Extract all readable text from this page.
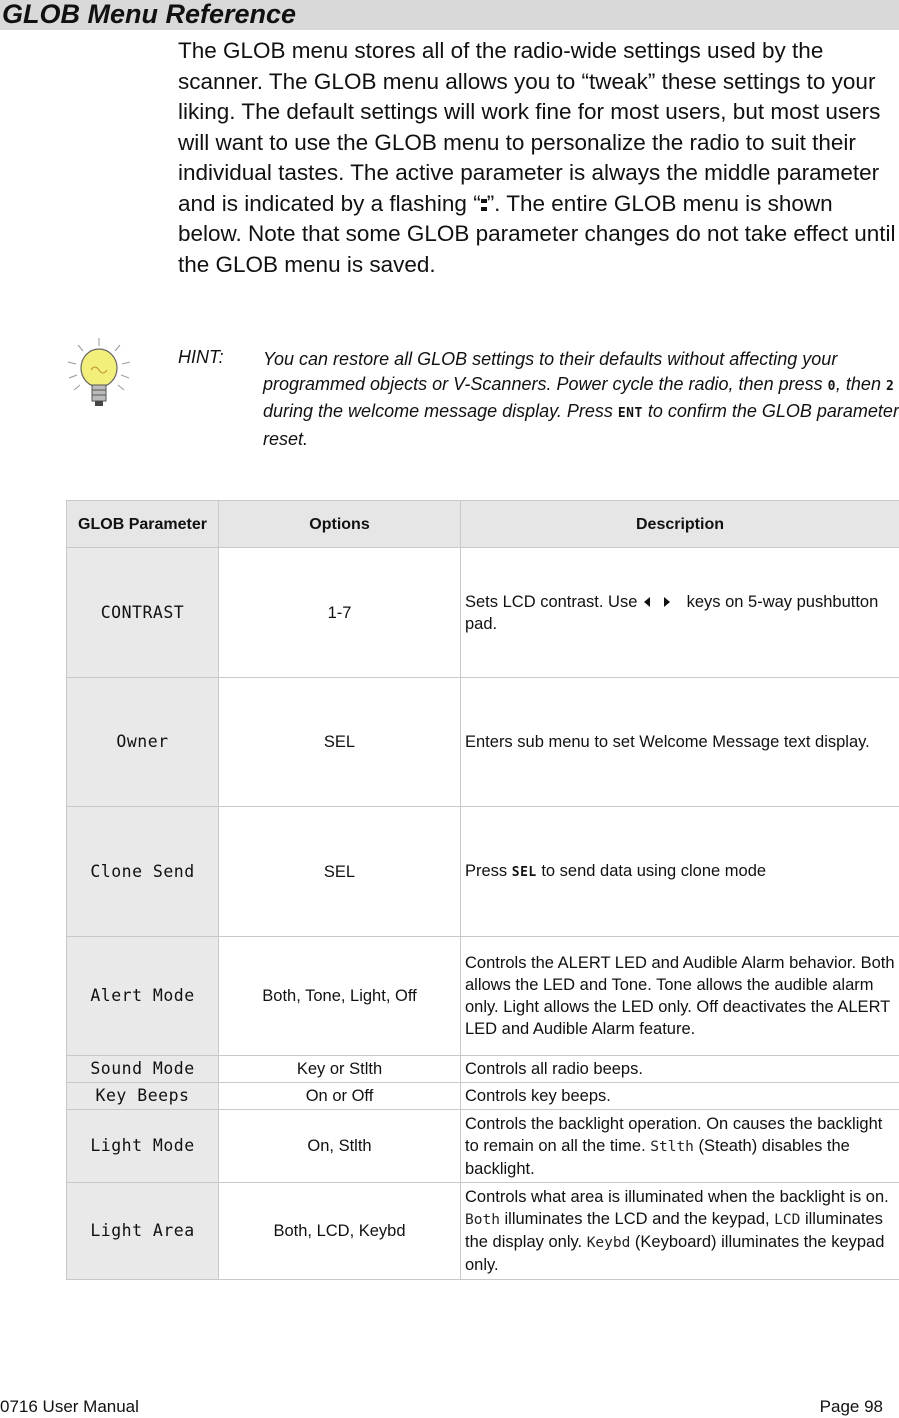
GLOB Menu Reference

The GLOB menu stores all of the radio-wide settings used by the scanner. The GLOB menu allows you to “tweak” these settings to your liking. The default settings will work fine for most users, but most users will want to use the GLOB menu to personalize the radio to suit their individual tastes. The active parameter is always the middle parameter and is indicated by a flashing “ ”. The entire GLOB menu is shown below. Note that some GLOB parameter changes do not take effect until the GLOB menu is saved.

HINT: You can restore all GLOB settings to their defaults without affecting your programmed objects or V-Scanners. Power cycle the radio, then press 0, then 2 during the welcome message display. Press ENT to confirm the GLOB parameter reset.

GLOB Parameter	Options	Description
CONTRAST	1-7	Sets LCD contrast. Use  keys on 5-way pushbutton pad.
Owner	SEL	Enters sub menu to set Welcome Message text display.
Clone Send	SEL	Press SEL to send data using clone mode
Alert Mode	Both, Tone, Light, Off	Controls the ALERT LED and Audible Alarm behavior. Both allows the LED and Tone. Tone allows the audible alarm only. Light allows the LED only. Off deactivates the ALERT LED and Audible Alarm feature.
Sound Mode	Key or Stlth	Controls all radio beeps.
Key Beeps	On or Off	Controls key beeps.
Light Mode	On, Stlth	Controls the backlight operation. On causes the backlight to remain on all the time. Stlth (Steath) disables the backlight.
Light Area	Both, LCD, Keybd	Controls what area is illuminated when the backlight is on. Both illuminates the LCD and the keypad, LCD illuminates the display only. Keybd (Keyboard) illuminates the keypad only.
0716 User Manual	Page 98
